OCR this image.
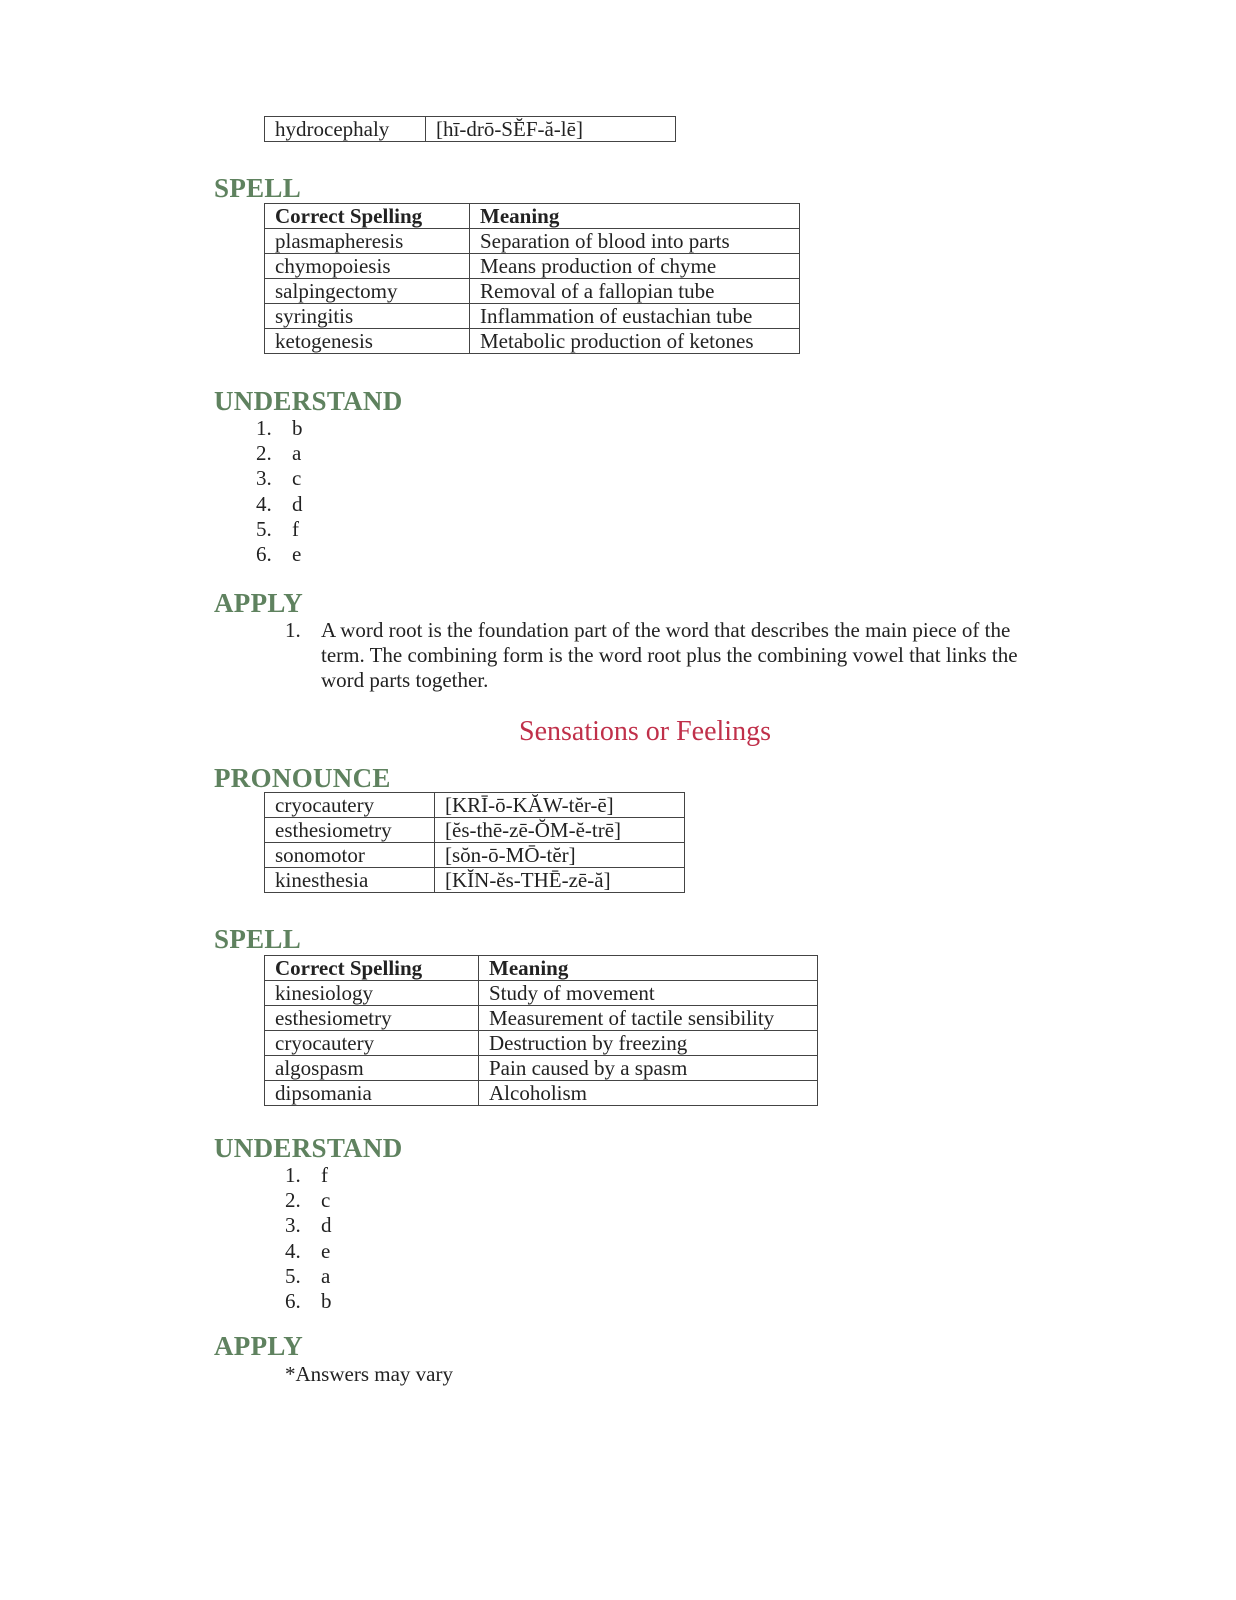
hydrocephaly	[hī-drō-SĔF-ă-lē]
SPELL
Correct Spelling	Meaning
plasmapheresis	Separation of blood into parts
chymopoiesis	Means production of chyme
salpingectomy	Removal of a fallopian tube
syringitis	Inflammation of eustachian tube
ketogenesis	Metabolic production of ketones
UNDERSTAND
1. b
2. a
3. c
4. d
5. f
6. e
APPLY
1. A word root is the foundation part of the word that describes the main piece of the term. The combining form is the word root plus the combining vowel that links the word parts together.
Sensations or Feelings
PRONOUNCE
cryocautery	[KRĪ-ō-KĂW-tĕr-ē]
esthesiometry	[ĕs-thē-zē-ŎM-ĕ-trē]
sonomotor	[sŏn-ō-MŌ-tĕr]
kinesthesia	[KĬN-ĕs-THĒ-zē-ă]
SPELL
Correct Spelling	Meaning
kinesiology	Study of movement
esthesiometry	Measurement of tactile sensibility
cryocautery	Destruction by freezing
algospasm	Pain caused by a spasm
dipsomania	Alcoholism
UNDERSTAND
1. f
2. c
3. d
4. e
5. a
6. b
APPLY
*Answers may vary
